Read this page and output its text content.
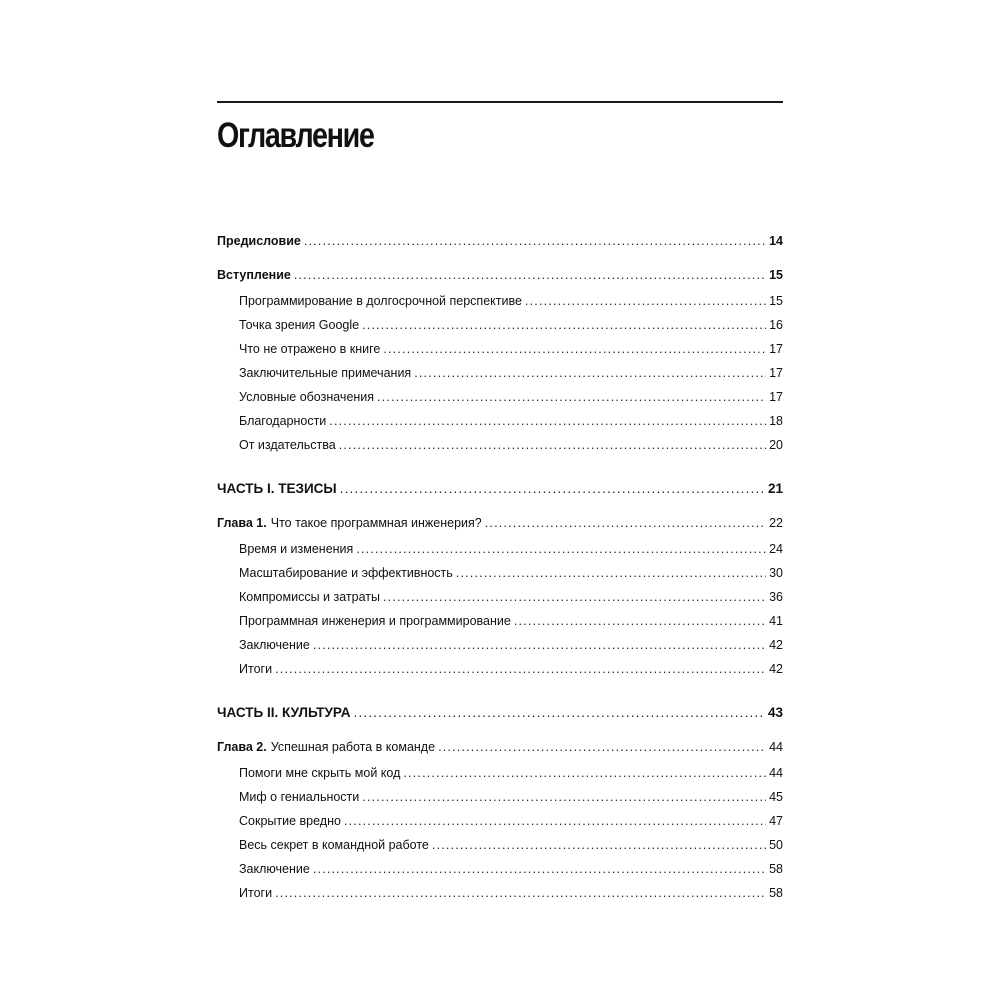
Оглавление
Предисловие .....	14
Вступление .....	15
Программирование в долгосрочной перспективе .....	15
Точка зрения Google .....	16
Что не отражено в книге .....	17
Заключительные примечания .....	17
Условные обозначения .....	17
Благодарности .....	18
От издательства .....	20
ЧАСТЬ I. ТЕЗИСЫ .....	21
Глава 1. Что такое программная инженерия? .....	22
Время и изменения .....	24
Масштабирование и эффективность .....	30
Компромиссы и затраты .....	36
Программная инженерия и программирование .....	41
Заключение .....	42
Итоги .....	42
ЧАСТЬ II. КУЛЬТУРА .....	43
Глава 2. Успешная работа в команде .....	44
Помоги мне скрыть мой код .....	44
Миф о гениальности .....	45
Сокрытие вредно .....	47
Весь секрет в командной работе .....	50
Заключение .....	58
Итоги .....	58
